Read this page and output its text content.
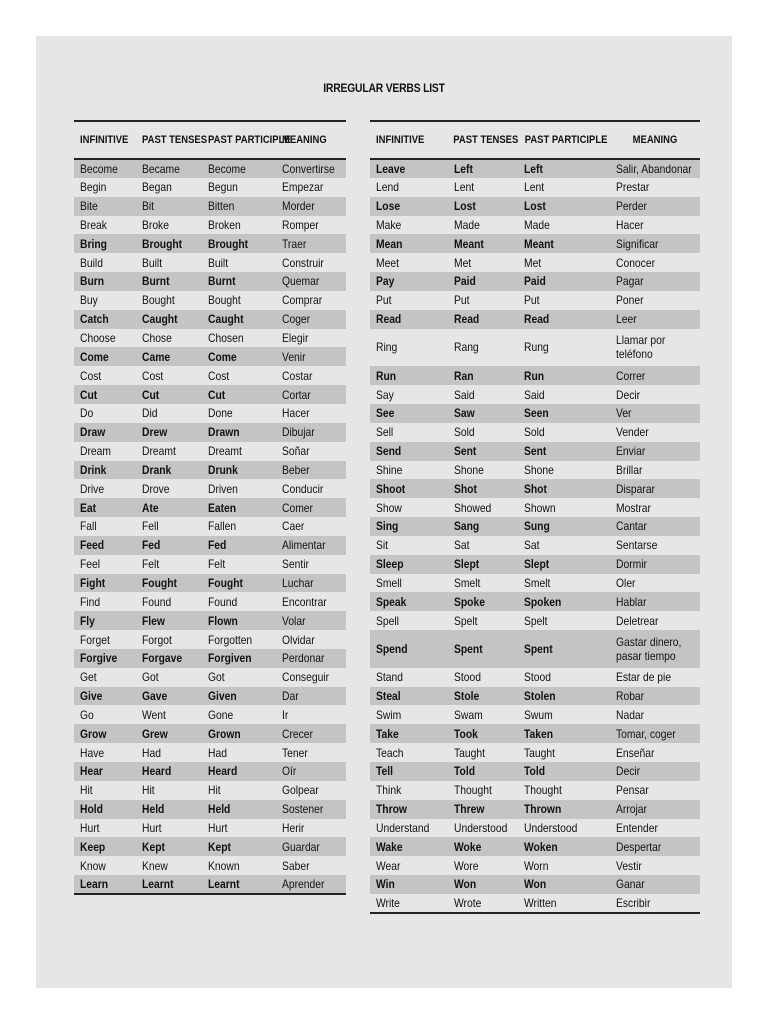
IRREGULAR VERBS LIST
INFINITIVE	PAST TENSES	PAST PARTICIPLE	MEANING
Become	Became	Become	Convertirse
Begin	Began	Begun	Empezar
Bite	Bit	Bitten	Morder
Break	Broke	Broken	Romper
Bring	Brought	Brought	Traer
Build	Built	Built	Construir
Burn	Burnt	Burnt	Quemar
Buy	Bought	Bought	Comprar
Catch	Caught	Caught	Coger
Choose	Chose	Chosen	Elegir
Come	Came	Come	Venir
Cost	Cost	Cost	Costar
Cut	Cut	Cut	Cortar
Do	Did	Done	Hacer
Draw	Drew	Drawn	Dibujar
Dream	Dreamt	Dreamt	Soñar
Drink	Drank	Drunk	Beber
Drive	Drove	Driven	Conducir
Eat	Ate	Eaten	Comer
Fall	Fell	Fallen	Caer
Feed	Fed	Fed	Alimentar
Feel	Felt	Felt	Sentir
Fight	Fought	Fought	Luchar
Find	Found	Found	Encontrar
Fly	Flew	Flown	Volar
Forget	Forgot	Forgotten	Olvidar
Forgive	Forgave	Forgiven	Perdonar
Get	Got	Got	Conseguir
Give	Gave	Given	Dar
Go	Went	Gone	Ir
Grow	Grew	Grown	Crecer
Have	Had	Had	Tener
Hear	Heard	Heard	Oír
Hit	Hit	Hit	Golpear
Hold	Held	Held	Sostener
Hurt	Hurt	Hurt	Herir
Keep	Kept	Kept	Guardar
Know	Knew	Known	Saber
Learn	Learnt	Learnt	Aprender
INFINITIVE	PAST TENSES	PAST PARTICIPLE	MEANING
Leave	Left	Left	Salir, Abandonar
Lend	Lent	Lent	Prestar
Lose	Lost	Lost	Perder
Make	Made	Made	Hacer
Mean	Meant	Meant	Significar
Meet	Met	Met	Conocer
Pay	Paid	Paid	Pagar
Put	Put	Put	Poner
Read	Read	Read	Leer
Ring	Rang	Rung	Llamar por teléfono
Run	Ran	Run	Correr
Say	Said	Said	Decir
See	Saw	Seen	Ver
Sell	Sold	Sold	Vender
Send	Sent	Sent	Enviar
Shine	Shone	Shone	Brillar
Shoot	Shot	Shot	Disparar
Show	Showed	Shown	Mostrar
Sing	Sang	Sung	Cantar
Sit	Sat	Sat	Sentarse
Sleep	Slept	Slept	Dormir
Smell	Smelt	Smelt	Oler
Speak	Spoke	Spoken	Hablar
Spell	Spelt	Spelt	Deletrear
Spend	Spent	Spent	Gastar dinero, pasar tiempo
Stand	Stood	Stood	Estar de pie
Steal	Stole	Stolen	Robar
Swim	Swam	Swum	Nadar
Take	Took	Taken	Tomar, coger
Teach	Taught	Taught	Enseñar
Tell	Told	Told	Decir
Think	Thought	Thought	Pensar
Throw	Threw	Thrown	Arrojar
Understand	Understood	Understood	Entender
Wake	Woke	Woken	Despertar
Wear	Wore	Worn	Vestir
Win	Won	Won	Ganar
Write	Wrote	Written	Escribir
